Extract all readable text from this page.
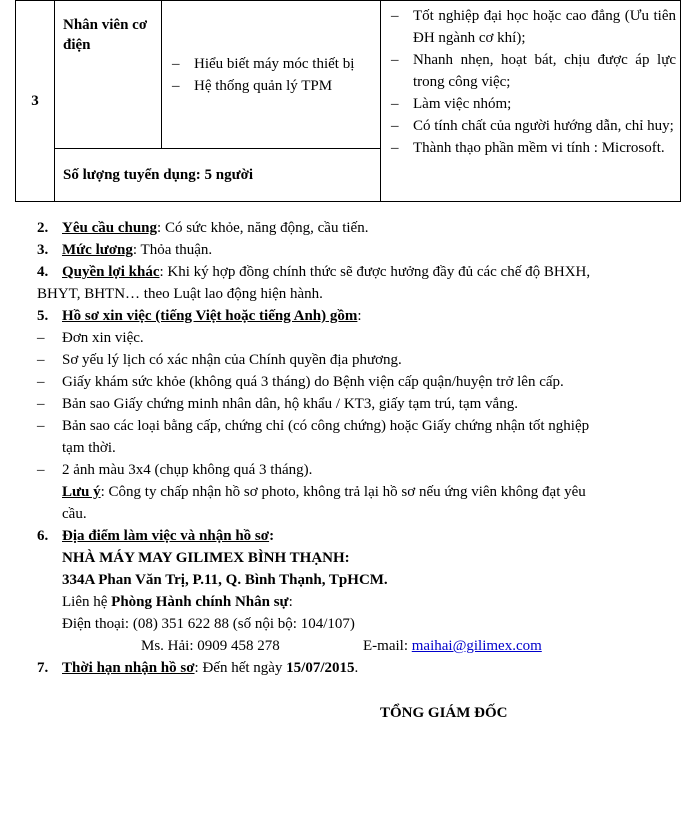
3	Nhân viên cơ điện	
– Hiểu biết máy móc thiết bị
– Hệ thống quản lý TPM

– Tốt nghiệp đại học hoặc cao đẳng (Ưu tiên ĐH ngành cơ khí);
– Nhanh nhẹn, hoạt bát, chịu được áp lực trong công việc;
– Làm việc nhóm;
– Có tính chất của người hướng dẫn, chỉ huy;
– Thành thạo phần mềm vi tính : Microsoft.

Số lượng tuyển dụng: 5 người
2. Yêu cầu chung: Có sức khỏe, năng động, cầu tiến.
3. Mức lương: Thỏa thuận.
4. Quyền lợi khác: Khi ký hợp đồng chính thức sẽ được hưởng đầy đủ các chế độ BHXH,
BHYT, BHTN… theo Luật lao động hiện hành.
5. Hồ sơ xin việc (tiếng Việt hoặc tiếng Anh) gồm:
– Đơn xin việc.
– Sơ yếu lý lịch có xác nhận của Chính quyền địa phương.
– Giấy khám sức khỏe (không quá 3 tháng) do Bệnh viện cấp quận/huyện trở lên cấp.
– Bản sao Giấy chứng minh nhân dân, hộ khẩu / KT3, giấy tạm trú, tạm vắng.
– Bản sao các loại bằng cấp, chứng chỉ (có công chứng) hoặc Giấy chứng nhận tốt nghiệp
tạm thời.
– 2 ảnh màu 3x4 (chụp không quá 3 tháng).
Lưu ý: Công ty chấp nhận hồ sơ photo, không trả lại hồ sơ nếu ứng viên không đạt yêu
cầu.
6. Địa điểm làm việc và nhận hồ sơ:
NHÀ MÁY MAY GILIMEX BÌNH THẠNH:
334A Phan Văn Trị, P.11, Q. Bình Thạnh, TpHCM.
Liên hệ Phòng Hành chính Nhân sự:
Điện thoại: (08) 351 622 88 (số nội bộ: 104/107)
Ms. Hải: 0909 458 278	E-mail: maihai@gilimex.com
7. Thời hạn nhận hồ sơ: Đến hết ngày 15/07/2015.
TỔNG GIÁM ĐỐC
